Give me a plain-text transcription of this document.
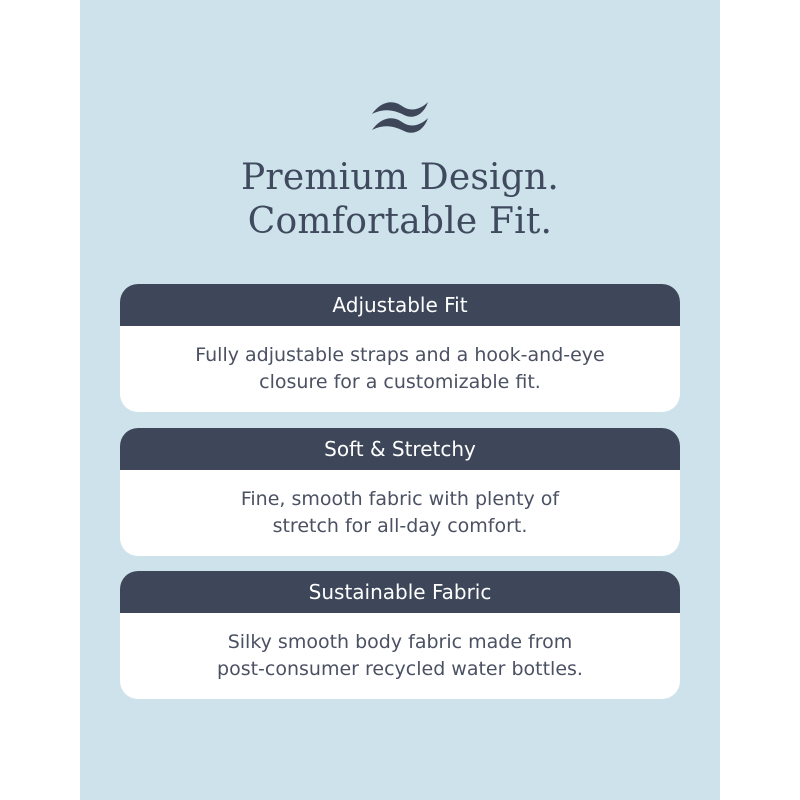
Premium Design.
Comfortable Fit.
Adjustable Fit
Fully adjustable straps and a hook-and-eye
closure for a customizable fit.
Soft & Stretchy
Fine, smooth fabric with plenty of
stretch for all-day comfort.
Sustainable Fabric
Silky smooth body fabric made from
post-consumer recycled water bottles.
